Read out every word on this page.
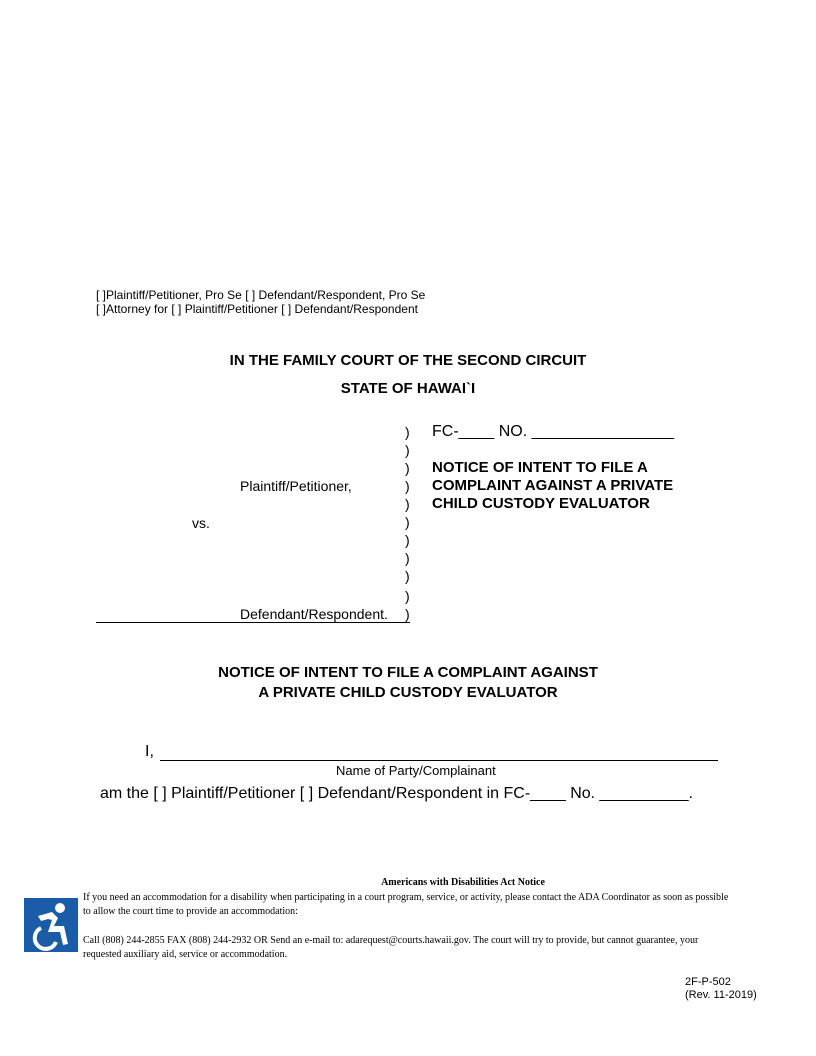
[ ]Plaintiff/Petitioner, Pro Se [ ] Defendant/Respondent, Pro Se
[ ]Attorney for [ ] Plaintiff/Petitioner [ ] Defendant/Respondent
IN THE FAMILY COURT OF THE SECOND CIRCUIT
STATE OF HAWAI`I
)
)
)
)
)
)
)
)
)
)
)
FC-____ NO. ________________
NOTICE OF INTENT TO FILE A
COMPLAINT AGAINST A PRIVATE
CHILD CUSTODY EVALUATOR
Plaintiff/Petitioner,
vs.
Defendant/Respondent.
NOTICE OF INTENT TO FILE A COMPLAINT AGAINST
A PRIVATE CHILD CUSTODY EVALUATOR
I,
Name of Party/Complainant
am the [ ] Plaintiff/Petitioner [ ] Defendant/Respondent in FC-____ No. __________.
Americans with Disabilities Act Notice
If you need an accommodation for a disability when participating in a court program, service, or activity, please contact the ADA Coordinator as soon as possible
to allow the court time to provide an accommodation:
Call (808) 244-2855 FAX (808) 244-2932 OR Send an e-mail to: adarequest@courts.hawaii.gov. The court will try to provide, but cannot guarantee, your
requested auxiliary aid, service or accommodation.
2F-P-502
(Rev. 11-2019)
